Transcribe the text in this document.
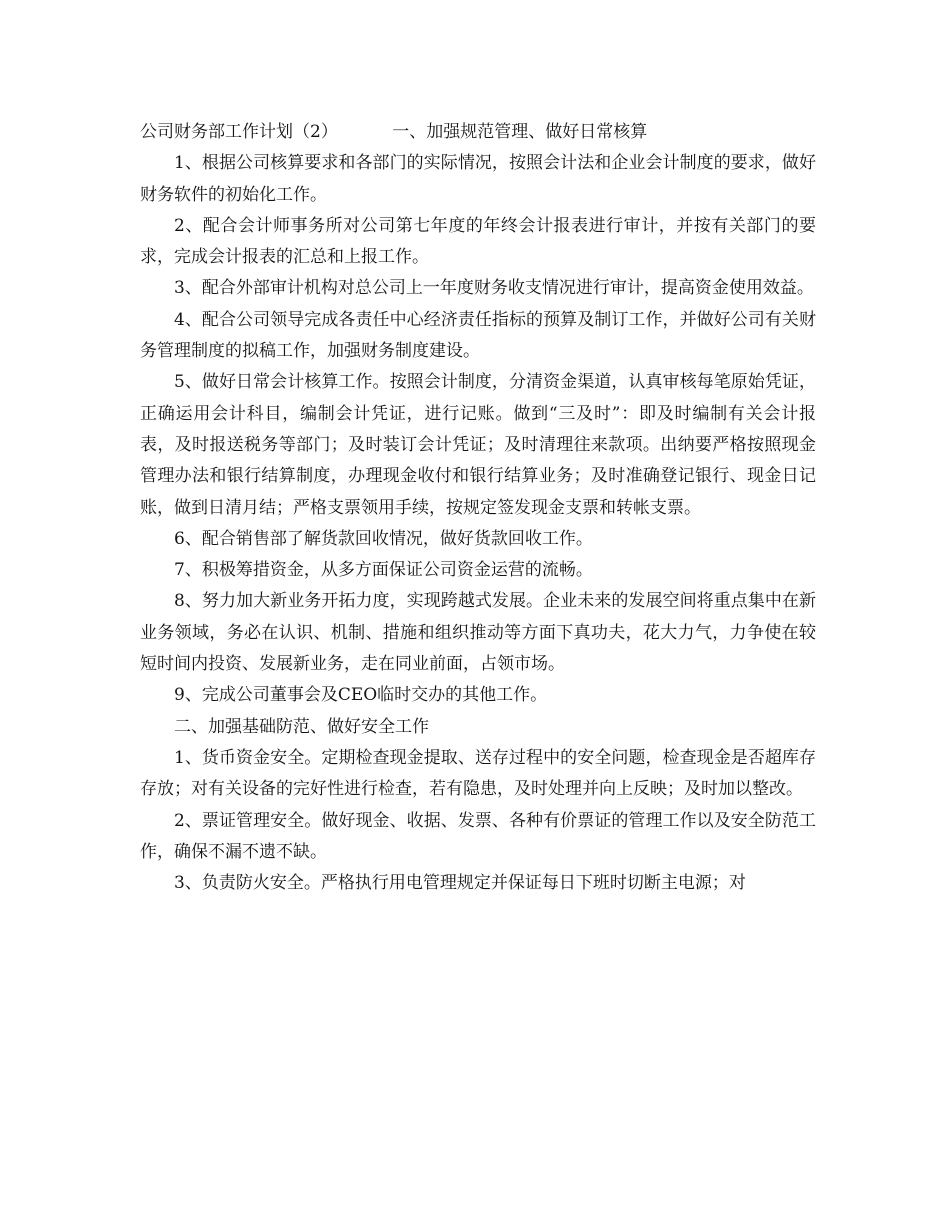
公司财务部工作计划（2）	一、加强规范管理、做好日常核算

1、根据公司核算要求和各部门的实际情况，按照会计法和企业会计制度的要求，做好财务软件的初始化工作。

2、配合会计师事务所对公司第七年度的年终会计报表进行审计，并按有关部门的要求，完成会计报表的汇总和上报工作。

3、配合外部审计机构对总公司上一年度财务收支情况进行审计，提高资金使用效益。

4、配合公司领导完成各责任中心经济责任指标的预算及制订工作，并做好公司有关财务管理制度的拟稿工作，加强财务制度建设。

5、做好日常会计核算工作。按照会计制度，分清资金渠道，认真审核每笔原始凭证，正确运用会计科目，编制会计凭证，进行记账。做到“三及时”：即及时编制有关会计报表，及时报送税务等部门；及时装订会计凭证；及时清理往来款项。出纳要严格按照现金管理办法和银行结算制度，办理现金收付和银行结算业务；及时准确登记银行、现金日记账，做到日清月结；严格支票领用手续，按规定签发现金支票和转帐支票。

6、配合销售部了解货款回收情况，做好货款回收工作。

7、积极筹措资金，从多方面保证公司资金运营的流畅。

8、努力加大新业务开拓力度，实现跨越式发展。企业未来的发展空间将重点集中在新业务领域，务必在认识、机制、措施和组织推动等方面下真功夫，花大力气，力争使在较短时间内投资、发展新业务，走在同业前面，占领市场。

9、完成公司董事会及CEO临时交办的其他工作。

二、加强基础防范、做好安全工作

1、货币资金安全。定期检查现金提取、送存过程中的安全问题，检查现金是否超库存存放；对有关设备的完好性进行检查，若有隐患，及时处理并向上反映；及时加以整改。

2、票证管理安全。做好现金、收据、发票、各种有价票证的管理工作以及安全防范工作，确保不漏不遗不缺。

3、负责防火安全。严格执行用电管理规定并保证每日下班时切断主电源；对
